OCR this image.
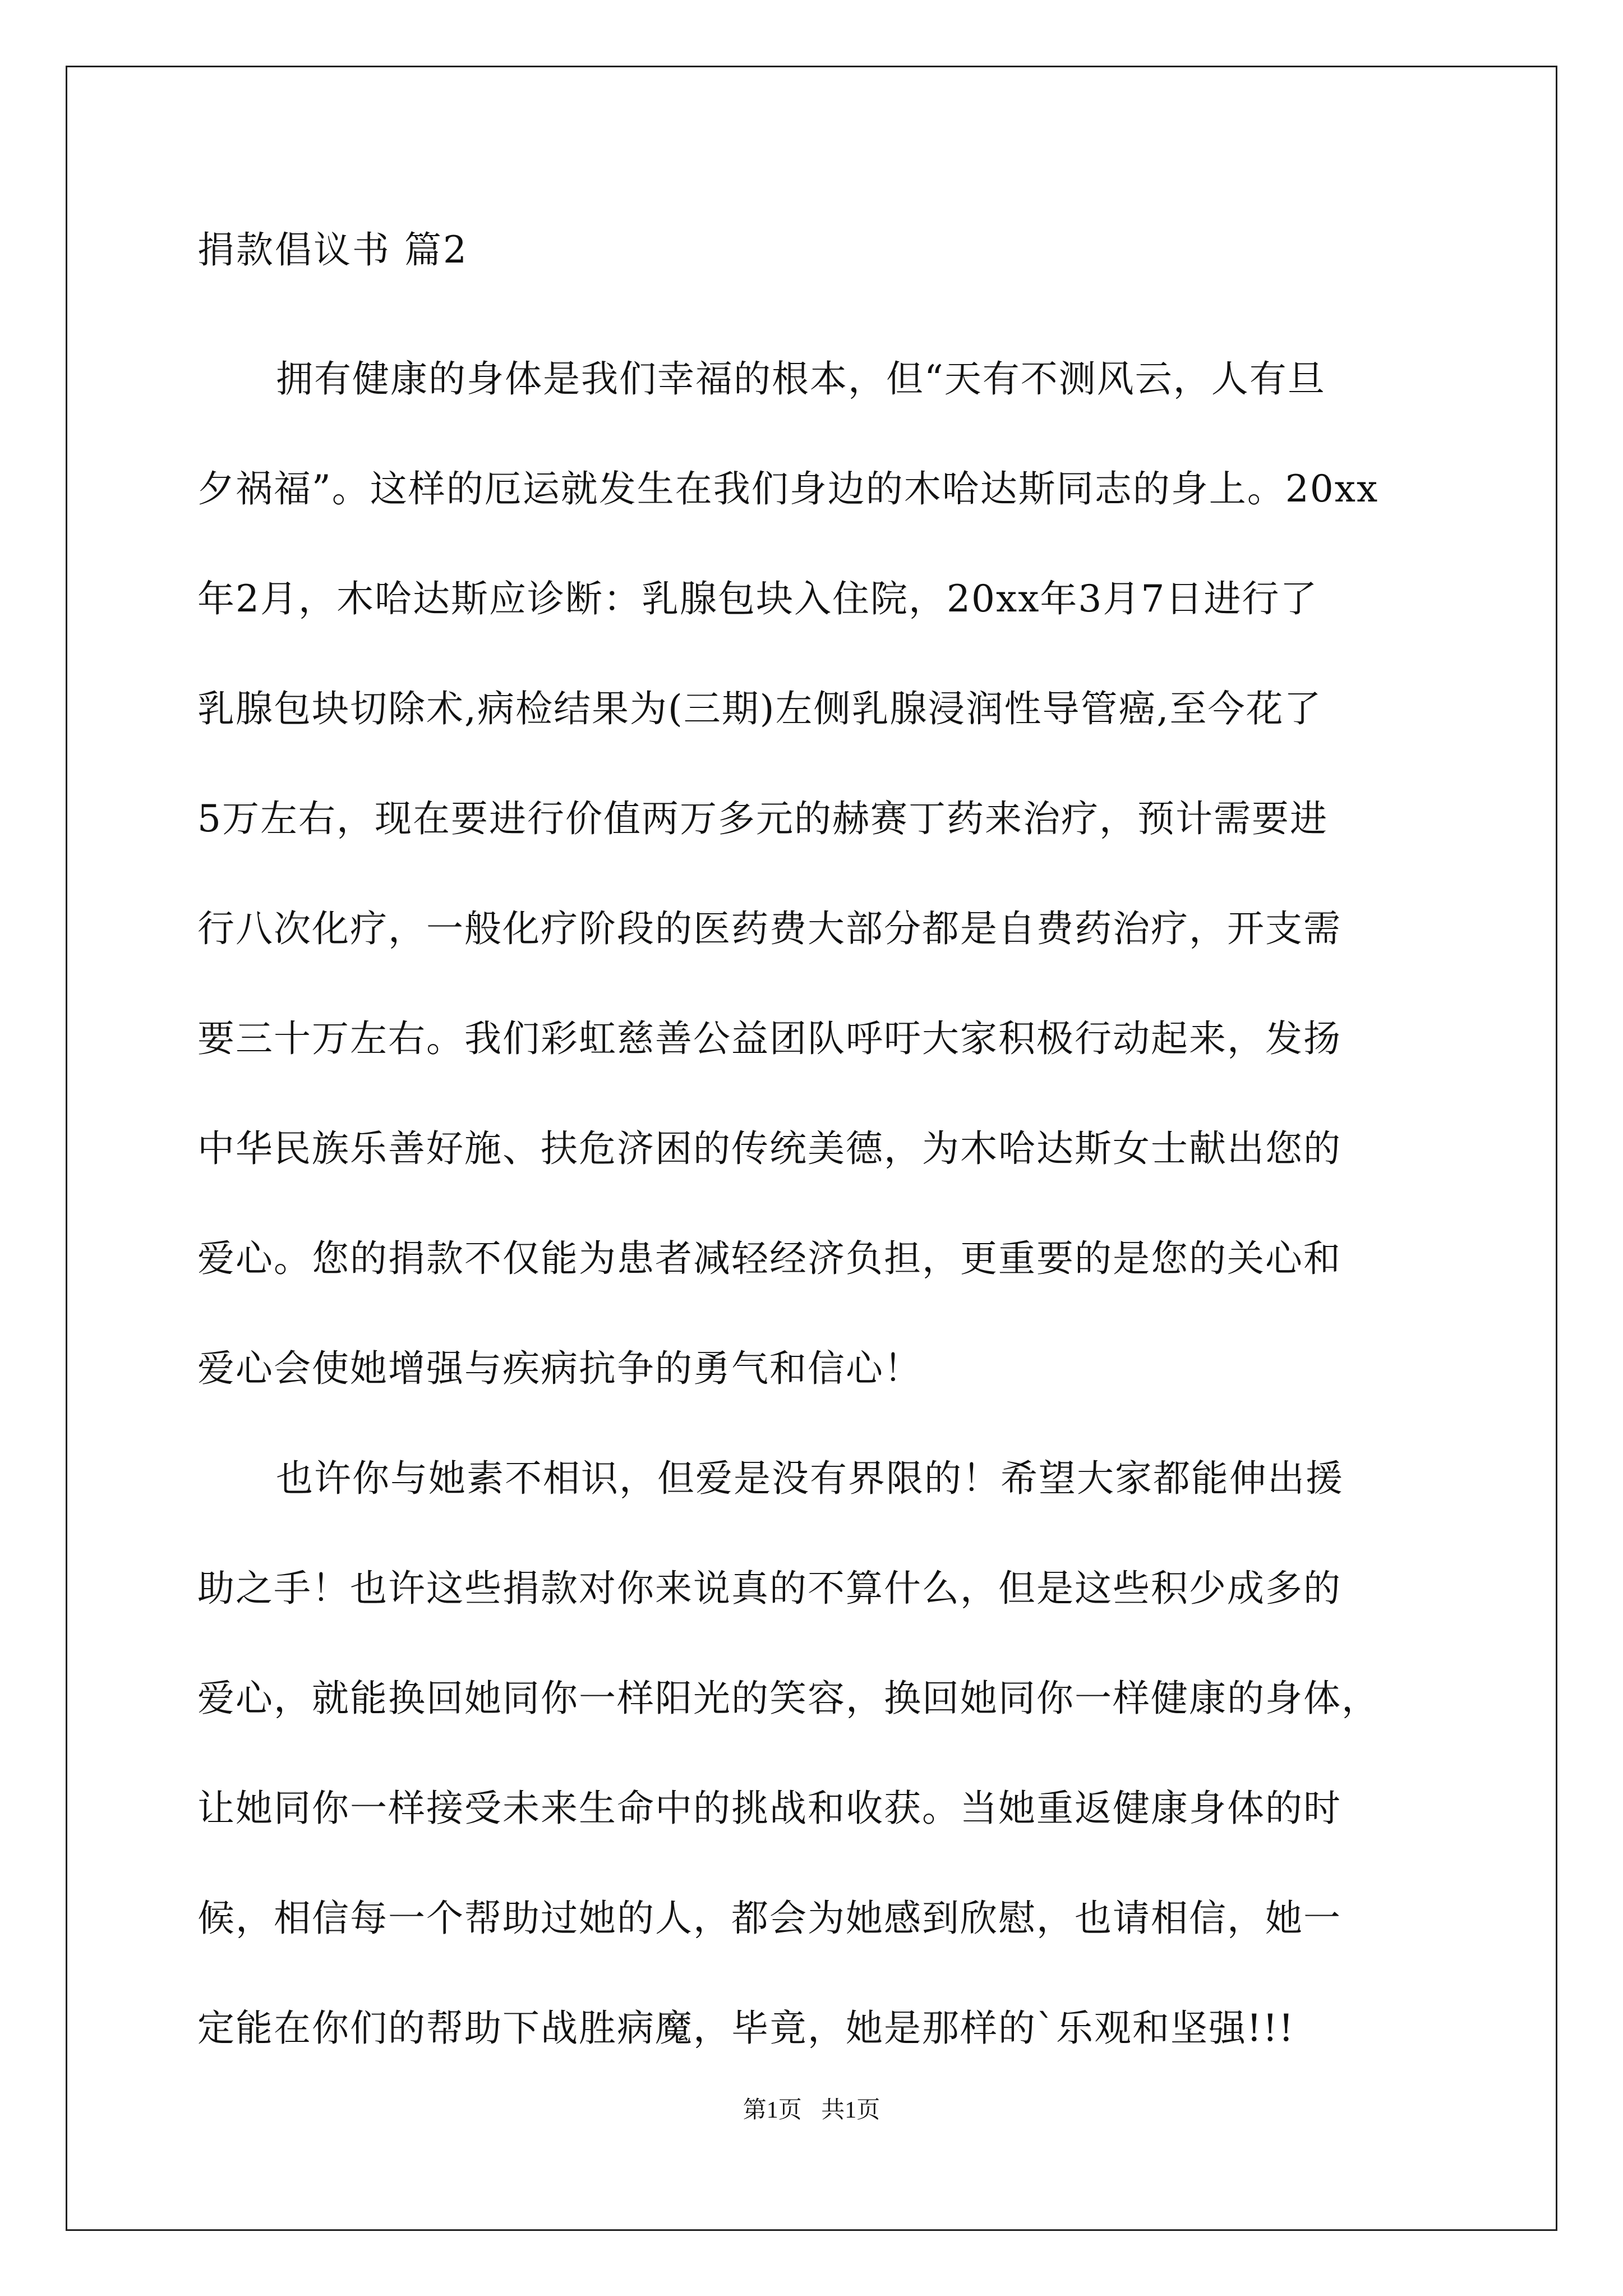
捐款倡议书 篇2
拥有健康的身体是我们幸福的根本，但“天有不测风云，人有旦
夕祸福”。这样的厄运就发生在我们身边的木哈达斯同志的身上。20xx
年2月，木哈达斯应诊断：乳腺包块入住院，20xx年3月7日进行了
乳腺包块切除术,病检结果为(三期)左侧乳腺浸润性导管癌,至今花了
5万左右，现在要进行价值两万多元的赫赛丁药来治疗，预计需要进
行八次化疗，一般化疗阶段的医药费大部分都是自费药治疗，开支需
要三十万左右。我们彩虹慈善公益团队呼吁大家积极行动起来，发扬
中华民族乐善好施、扶危济困的传统美德，为木哈达斯女士献出您的
爱心。您的捐款不仅能为患者减轻经济负担，更重要的是您的关心和
爱心会使她增强与疾病抗争的勇气和信心！
也许你与她素不相识，但爱是没有界限的！希望大家都能伸出援
助之手！也许这些捐款对你来说真的不算什么，但是这些积少成多的
爱心，就能换回她同你一样阳光的笑容，换回她同你一样健康的身体，
让她同你一样接受未来生命中的挑战和收获。当她重返健康身体的时
候，相信每一个帮助过她的人，都会为她感到欣慰，也请相信，她一
定能在你们的帮助下战胜病魔，毕竟，她是那样的`乐观和坚强!!!
第1页 共1页
